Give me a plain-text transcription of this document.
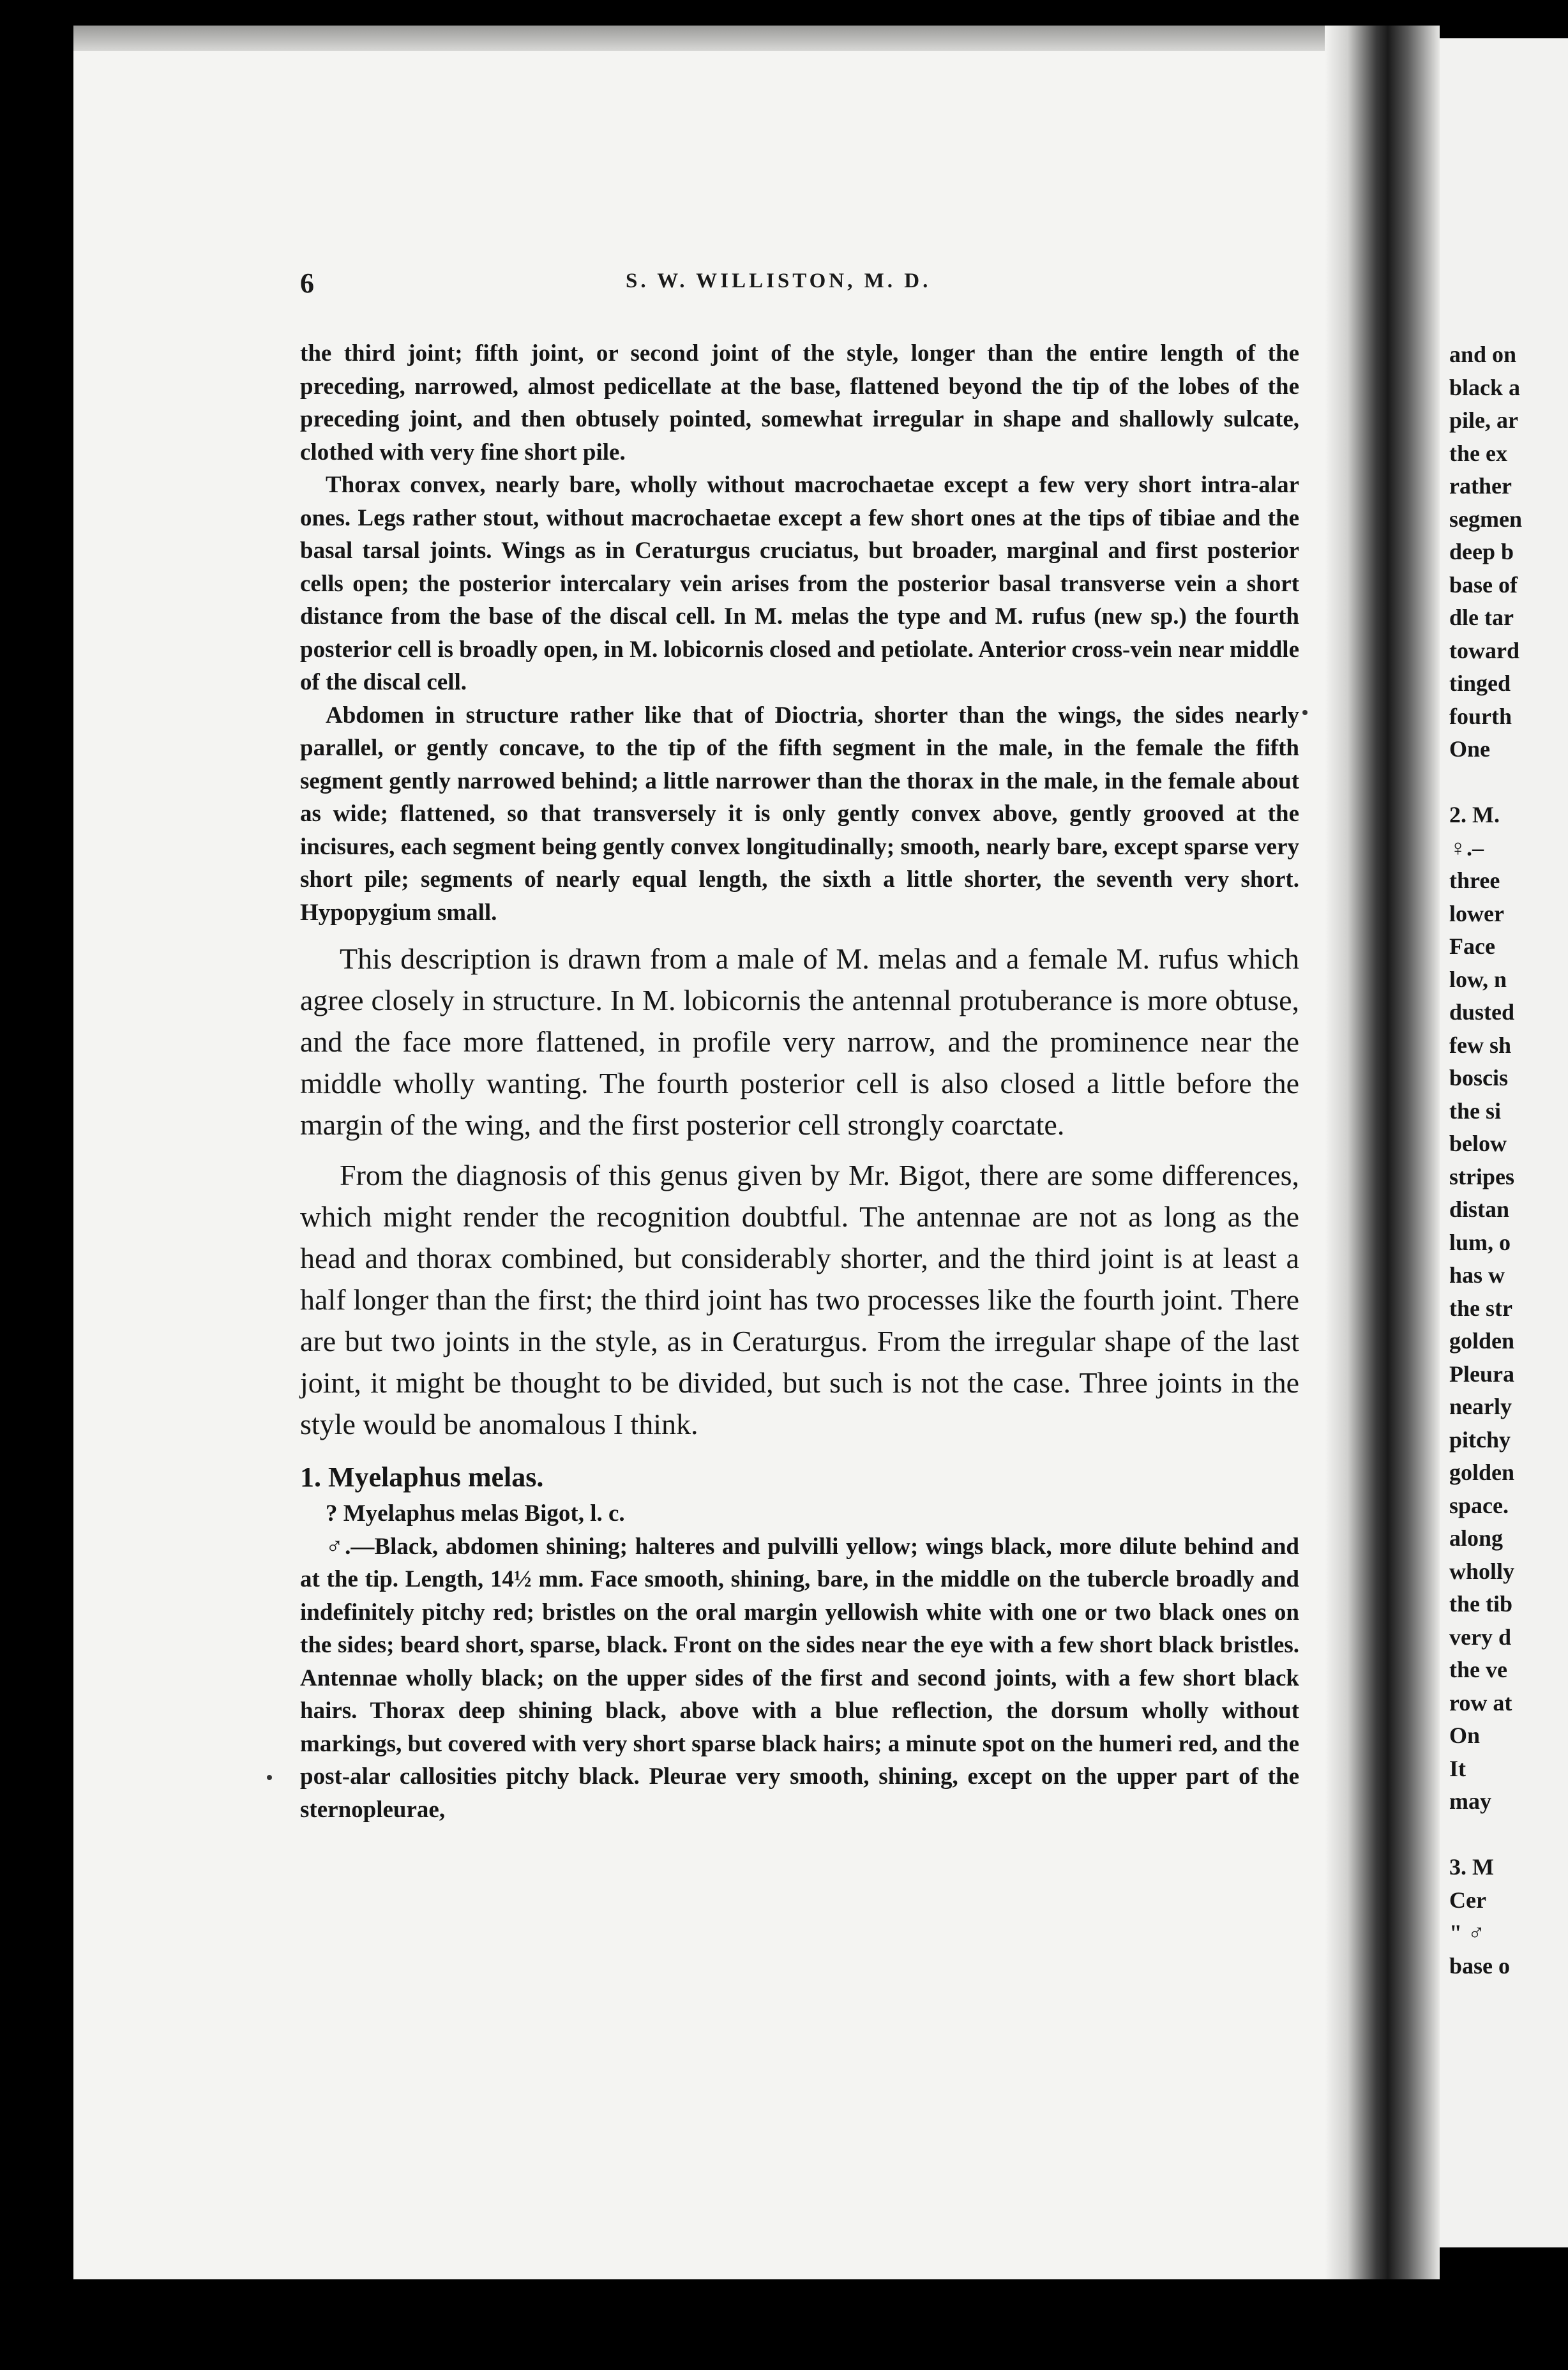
and on
black a
pile, ar
the ex
rather
segmen
deep b
base of
dle tar
toward
tinged
fourth
One
2. M.
♀.–
three
lower
Face
low, n
dusted
few sh
boscis
the si
below
stripes
distan
lum, o
has w
the str
golden
Pleura
nearly
pitchy
golden
space.
along
wholly
the tib
very d
the ve
row at
On
It
may
3. M
Cer
" ♂
base o
6	S. W. WILLISTON, M. D.

the third joint; fifth joint, or second joint of the style, longer than the entire length of the preceding, narrowed, almost pedicellate at the base, flattened beyond the tip of the lobes of the preceding joint, and then obtusely pointed, somewhat irregular in shape and shallowly sulcate, clothed with very fine short pile.

Thorax convex, nearly bare, wholly without macrochaetae except a few very short intra-alar ones. Legs rather stout, without macrochaetae except a few short ones at the tips of tibiae and the basal tarsal joints. Wings as in Ceraturgus cruciatus, but broader, marginal and first posterior cells open; the posterior intercalary vein arises from the posterior basal transverse vein a short distance from the base of the discal cell. In M. melas the type and M. rufus (new sp.) the fourth posterior cell is broadly open, in M. lobicornis closed and petiolate. Anterior cross-vein near middle of the discal cell.

Abdomen in structure rather like that of Dioctria, shorter than the wings, the sides nearly parallel, or gently concave, to the tip of the fifth segment in the male, in the female the fifth segment gently narrowed behind; a little narrower than the thorax in the male, in the female about as wide; flattened, so that transversely it is only gently convex above, gently grooved at the incisures, each segment being gently convex longitudinally; smooth, nearly bare, except sparse very short pile; segments of nearly equal length, the sixth a little shorter, the seventh very short. Hypopygium small.

This description is drawn from a male of M. melas and a female M. rufus which agree closely in structure. In M. lobicornis the antennal protuberance is more obtuse, and the face more flattened, in profile very narrow, and the prominence near the middle wholly wanting. The fourth posterior cell is also closed a little before the margin of the wing, and the first posterior cell strongly coarctate.

From the diagnosis of this genus given by Mr. Bigot, there are some differences, which might render the recognition doubtful. The antennae are not as long as the head and thorax combined, but considerably shorter, and the third joint is at least a half longer than the first; the third joint has two processes like the fourth joint. There are but two joints in the style, as in Ceraturgus. From the irregular shape of the last joint, it might be thought to be divided, but such is not the case. Three joints in the style would be anomalous I think.

1. Myelaphus melas.

? Myelaphus melas Bigot, l. c.

♂.—Black, abdomen shining; halteres and pulvilli yellow; wings black, more dilute behind and at the tip. Length, 14½ mm. Face smooth, shining, bare, in the middle on the tubercle broadly and indefinitely pitchy red; bristles on the oral margin yellowish white with one or two black ones on the sides; beard short, sparse, black. Front on the sides near the eye with a few short black bristles. Antennae wholly black; on the upper sides of the first and second joints, with a few short black hairs. Thorax deep shining black, above with a blue reflection, the dorsum wholly without markings, but covered with very short sparse black hairs; a minute spot on the humeri red, and the post-alar callosities pitchy black. Pleurae very smooth, shining, except on the upper part of the sternopleurae,
